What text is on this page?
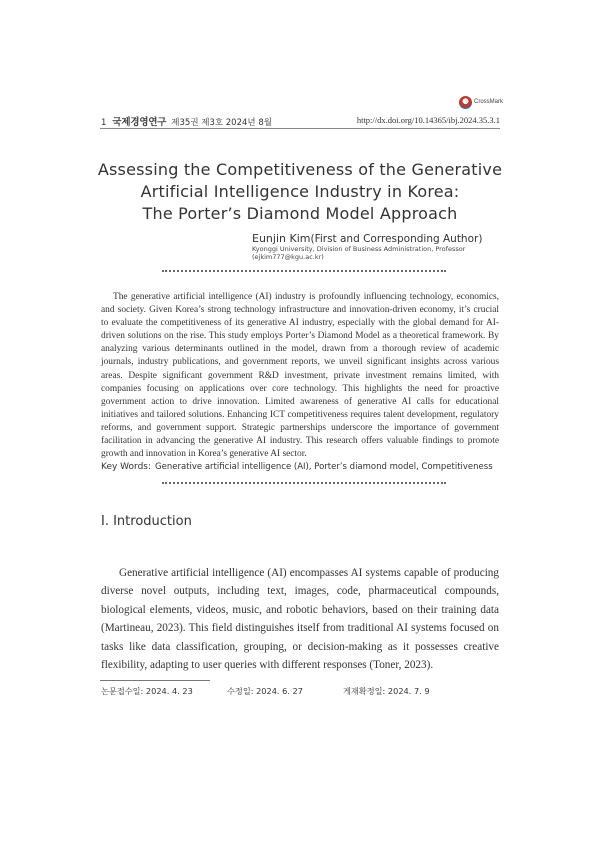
CrossMark
1 국제경영연구 제35권 제3호 2024년 8월	http://dx.doi.org/10.14365/ibj.2024.35.3.1
Assessing the Competitiveness of the Generative
Artificial Intelligence Industry in Korea:
The Porter’s Diamond Model Approach
Eunjin Kim(First and Corresponding Author)
Kyonggi University, Division of Business Administration, Professor
(ejkim777@kgu.ac.kr)

The generative artificial intelligence (AI) industry is profoundly influencing technology, economics, and society. Given Korea’s strong technology infrastructure and innovation-driven economy, it’s crucial to evaluate the competitiveness of its generative AI industry, especially with the global demand for AI-driven solutions on the rise. This study employs Porter’s Diamond Model as a theoretical framework. By analyzing various determinants outlined in the model, drawn from a thorough review of academic journals, industry publications, and government reports, we unveil significant insights across various areas. Despite significant government R&D investment, private investment remains limited, with companies focusing on applications over core technology. This highlights the need for proactive government action to drive innovation. Limited awareness of generative AI calls for educational initiatives and tailored solutions. Enhancing ICT competitiveness requires talent development, regulatory reforms, and government support. Strategic partnerships underscore the importance of government facilitation in advancing the generative AI industry. This research offers valuable findings to promote growth and innovation in Korea’s generative AI sector.

Key Words: Generative artificial intelligence (AI), Porter’s diamond model, Competitiveness
Ⅰ. Introduction

Generative artificial intelligence (AI) encompasses AI systems capable of producing diverse novel outputs, including text, images, code, pharmaceutical compounds, biological elements, videos, music, and robotic behaviors, based on their training data (Martineau, 2023). This field distinguishes itself from traditional AI systems focused on tasks like data classification, grouping, or decision-making as it possesses creative flexibility, adapting to user queries with different responses (Toner, 2023).

논문접수일: 2024. 4. 23	수정일: 2024. 6. 27	게재확정일: 2024. 7. 9
